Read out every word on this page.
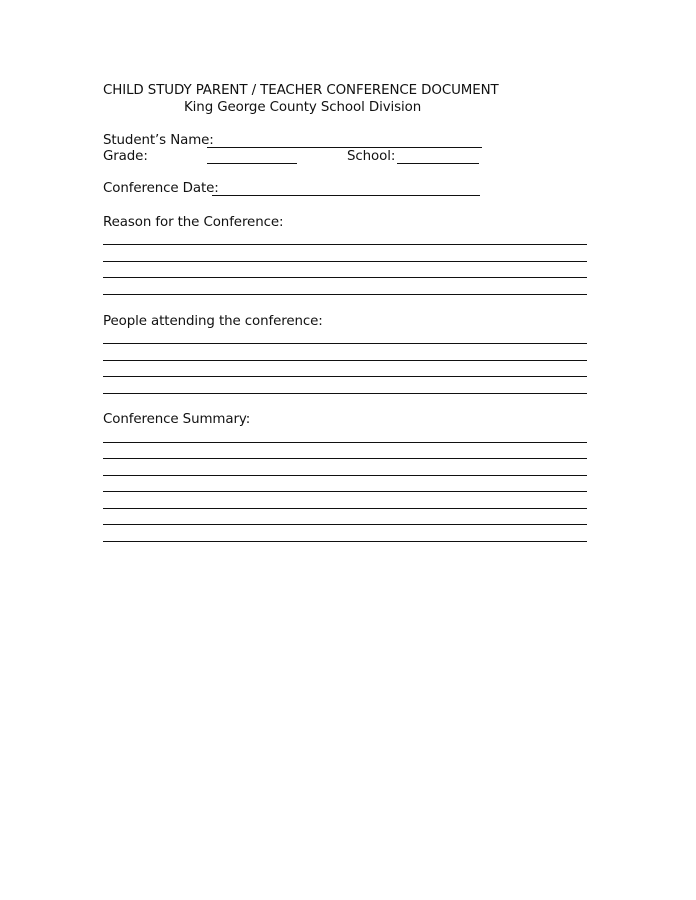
CHILD STUDY PARENT / TEACHER CONFERENCE DOCUMENT
King George County School Division
Student’s Name:
Grade:	School:
Conference Date:
Reason for the Conference:
People attending the conference:
Conference Summary:
